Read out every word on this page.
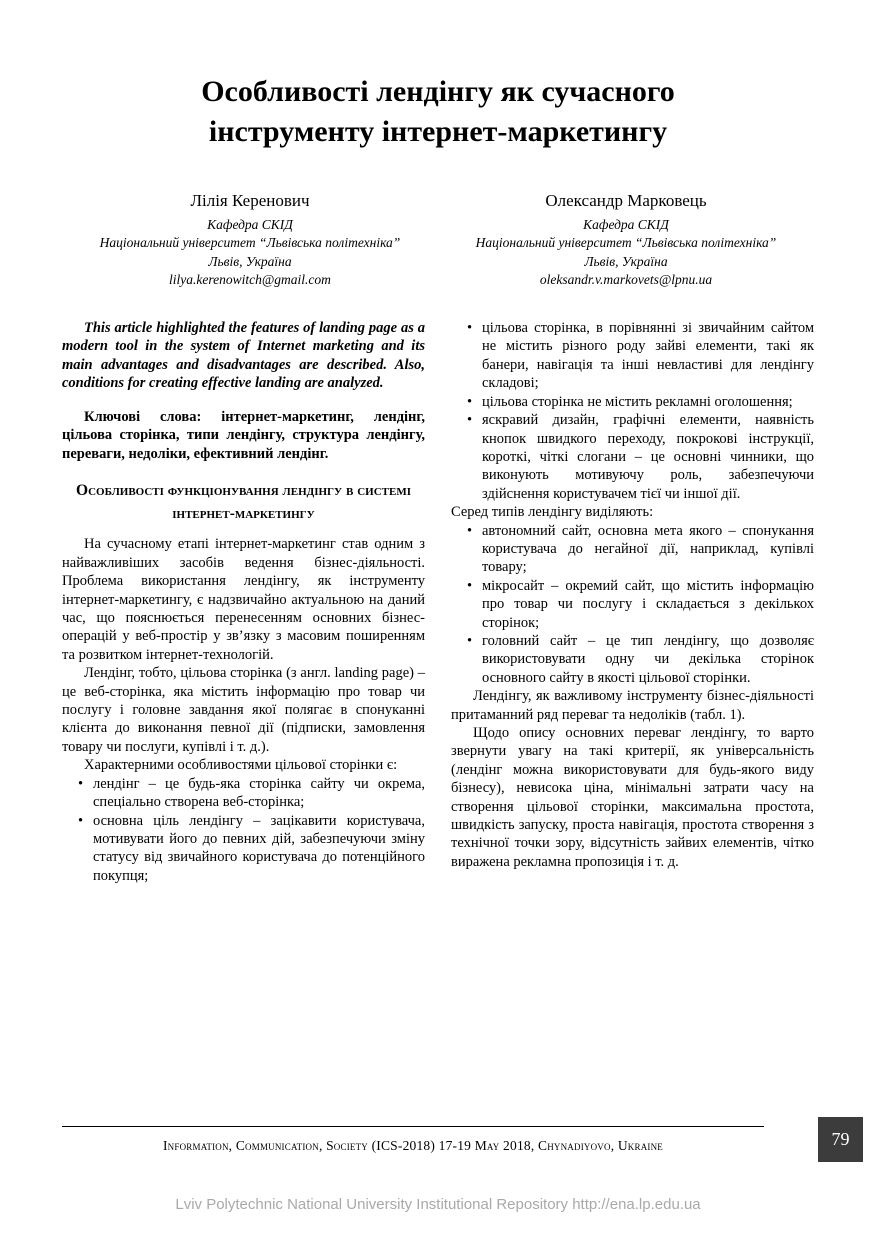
Особливості лендінгу як сучасного
інструменту інтернет-маркетингу
Лілія Керенович
Кафедра СКІД
Національний університет “Львівська політехніка”
Львів, Україна
lilya.kerenowitch@gmail.com
Олександр Марковець
Кафедра СКІД
Національний університет “Львівська політехніка”
Львів, Україна
oleksandr.v.markovets@lpnu.ua

This article highlighted the features of landing page as a modern tool in the system of Internet marketing and its main advantages and disadvantages are described. Also, conditions for creating effective landing are analyzed.

Ключові слова: інтернет-маркетинг, лендінг, цільова сторінка, типи лендінгу, структура лендінгу, переваги, недоліки, ефективний лендінг.

Особливості функціонування лендінгу в системі інтернет-маркетингу

На сучасному етапі інтернет-маркетинг став одним з найважливіших засобів ведення бізнес-діяльності. Проблема використання лендінгу, як інструменту інтернет-маркетингу, є надзвичайно актуальною на даний час, що пояснюється перенесенням основних бізнес-операцій у веб-простір у зв’язку з масовим поширенням та розвитком інтернет-технологій.

Лендінг, тобто, цільова сторінка (з англ. landing page) – це веб-сторінка, яка містить інформацію про товар чи послугу і головне завдання якої полягає в спонуканні клієнта до виконання певної дії (підписки, замовлення товару чи послуги, купівлі і т. д.).

Характерними особливостями цільової сторінки є:

• лендінг – це будь-яка сторінка сайту чи окрема, спеціально створена веб-сторінка;
• основна ціль лендінгу – зацікавити користувача, мотивувати його до певних дій, забезпечуючи зміну статусу від звичайного користувача до потенційного покупця;
• цільова сторінка, в порівнянні зі звичайним сайтом не містить різного роду зайві елементи, такі як банери, навігація та інші невластиві для лендінгу складові;
• цільова сторінка не містить рекламні оголошення;
• яскравий дизайн, графічні елементи, наявність кнопок швидкого переходу, покрокові інструкції, короткі, чіткі слогани – це основні чинники, що виконують мотивуючу роль, забезпечуючи здійснення користувачем тієї чи іншої дії.

Серед типів лендінгу виділяють:

• автономний сайт, основна мета якого – спонукання користувача до негайної дії, наприклад, купівлі товару;
• мікросайт – окремий сайт, що містить інформацію про товар чи послугу і складається з декількох сторінок;
• головний сайт – це тип лендінгу, що дозволяє використовувати одну чи декілька сторінок основного сайту в якості цільової сторінки.

Лендінгу, як важливому інструменту бізнес-діяльності притаманний ряд переваг та недоліків (табл. 1).

Щодо опису основних переваг лендінгу, то варто звернути увагу на такі критерії, як універсальність (лендінг можна використовувати для будь-якого виду бізнесу), невисока ціна, мінімальні затрати часу на створення цільової сторінки, максимальна простота, швидкість запуску, проста навігація, простота створення з технічної точки зору, відсутність зайвих елементів, чітко виражена рекламна пропозиція і т. д.

Information, Communication, Society (ICS-2018) 17-19 May 2018, Chynadiyovo, Ukraine	79
Lviv Polytechnic National University Institutional Repository http://ena.lp.edu.ua
